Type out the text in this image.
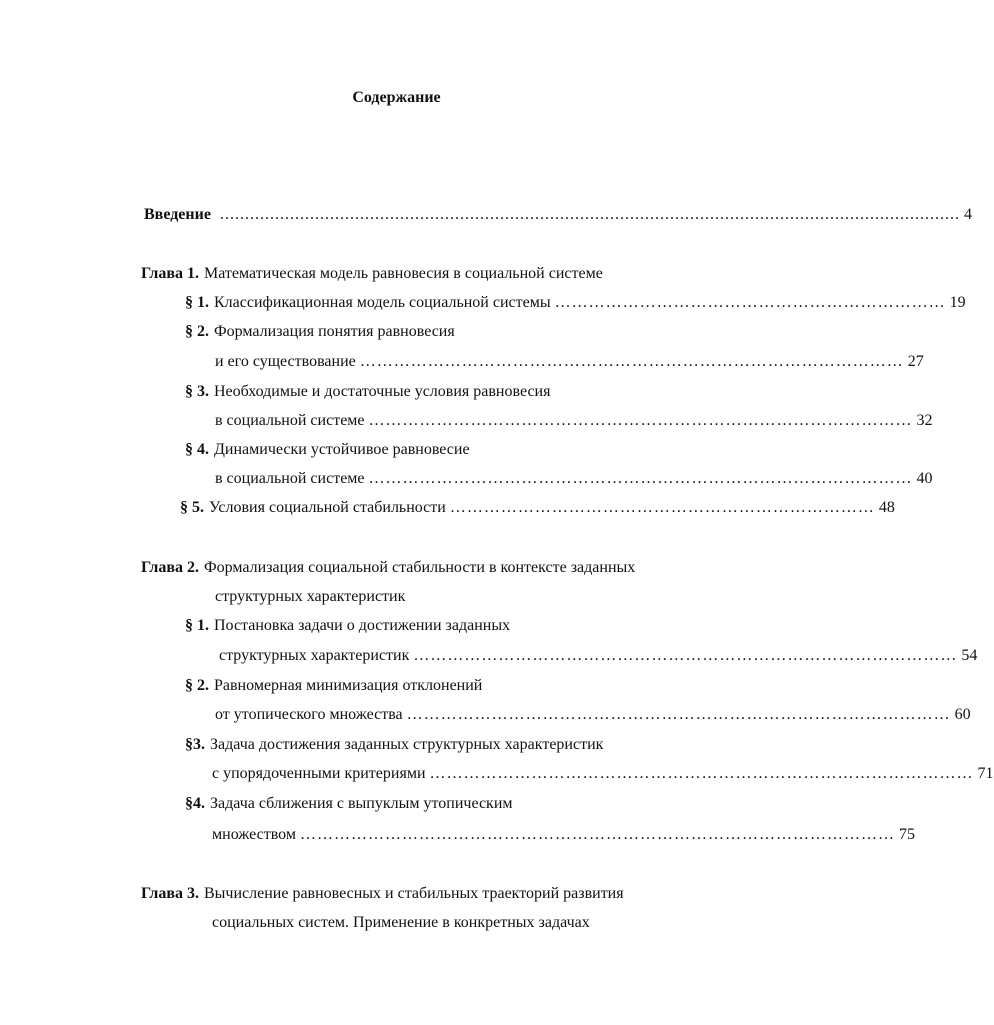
Содержание
Введение .................................................................................................................................................... 4
Глава 1. Математическая модель равновесия в социальной системе
§ 1. Классификационная модель социальной системы …………………………………………………………… 19
§ 2. Формализация понятия равновесия
и его существование …………………………………………………………………………………… 27
§ 3. Необходимые и достаточные условия равновесия
в социальной системе …………………………………………………………………………………… 32
§ 4. Динамически устойчивое равновесие
в социальной системе …………………………………………………………………………………… 40
§ 5. Условия социальной стабильности ………………………………………………………………… 48
Глава 2. Формализация социальной стабильности в контексте заданных
структурных характеристик
§ 1. Постановка задачи о достижении заданных
структурных характеристик …………………………………………………………………………………… 54
§ 2. Равномерная минимизация отклонений
от утопического множества …………………………………………………………………………………… 60
§3. Задача достижения заданных структурных характеристик
с упорядоченными критериями …………………………………………………………………………………… 71
§4. Задача сближения с выпуклым утопическим
множеством …………………………………………………………………………………………… 75
Глава 3. Вычисление равновесных и стабильных траекторий развития
социальных систем. Применение в конкретных задачах
